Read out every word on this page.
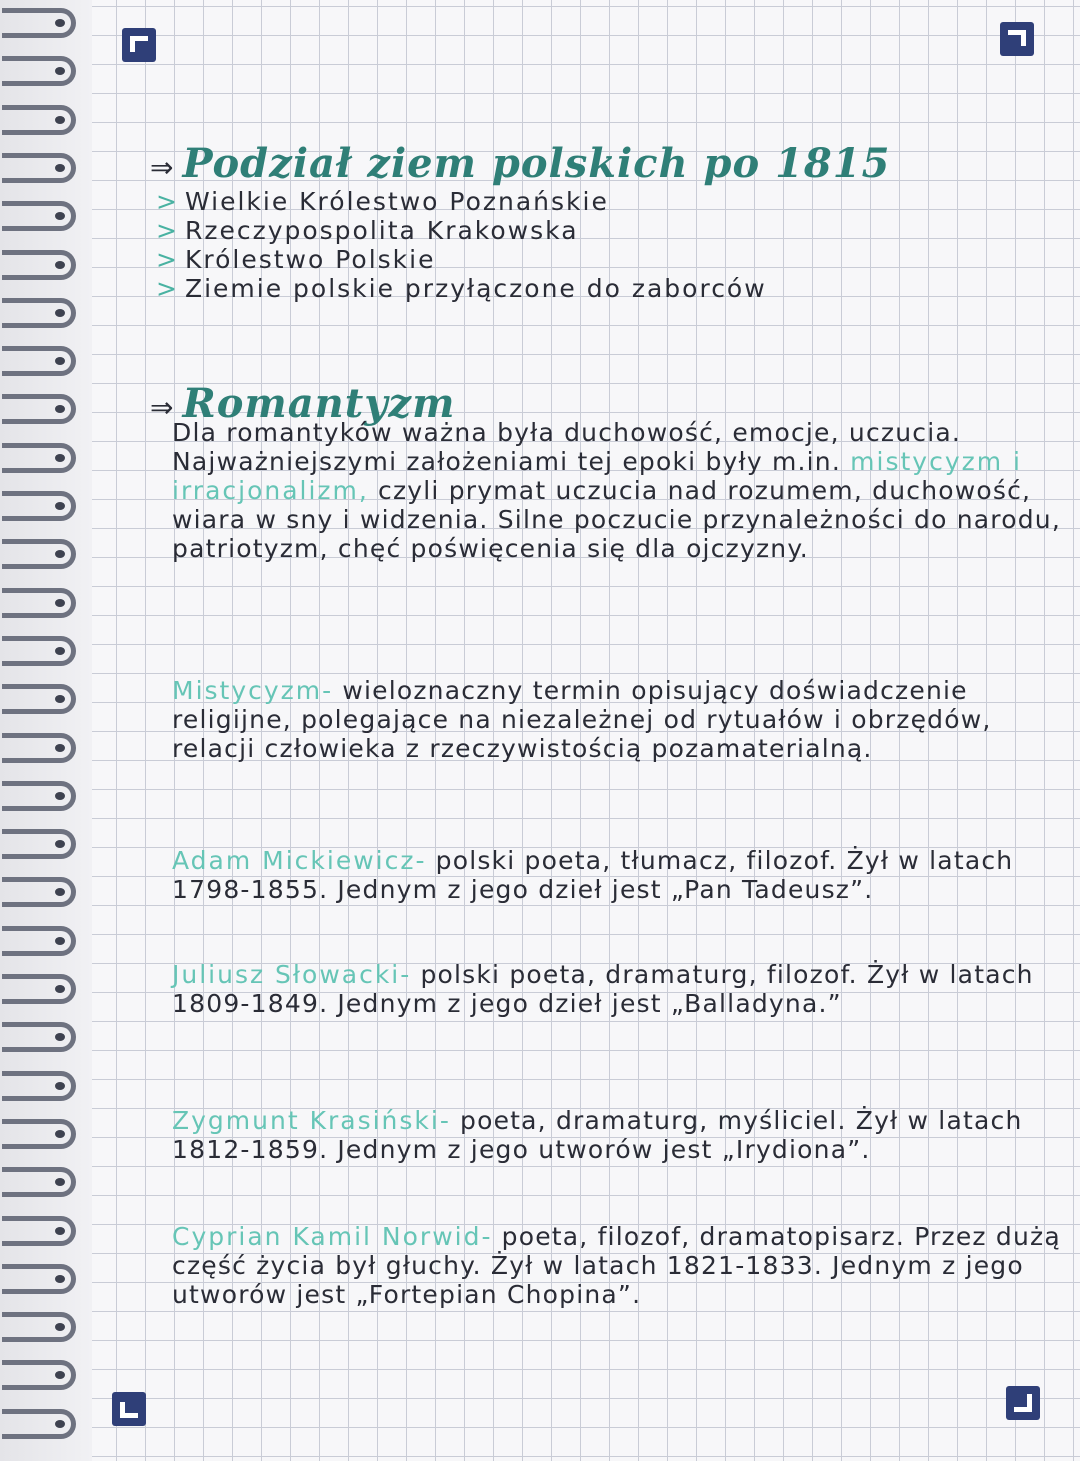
⇒ Podział ziem polskich po 1815
> Wielkie Królestwo Poznańskie
> Rzeczypospolita Krakowska
> Królestwo Polskie
> Ziemie polskie przyłączone do zaborców
⇒ Romantyzm

Dla romantyków ważna była duchowość, emocje, uczucia. Najważniejszymi założeniami tej epoki były m.in. mistycyzm i irracjonalizm, czyli prymat uczucia nad rozumem, duchowość, wiara w sny i widzenia. Silne poczucie przynależności do narodu, patriotyzm, chęć poświęcenia się dla ojczyzny.

Mistycyzm- wieloznaczny termin opisujący doświadczenie religijne, polegające na niezależnej od rytuałów i obrzędów, relacji człowieka z rzeczywistością pozamaterialną.

Adam Mickiewicz- polski poeta, tłumacz, filozof. Żył w latach 1798-1855. Jednym z jego dzieł jest „Pan Tadeusz”.

Juliusz Słowacki- polski poeta, dramaturg, filozof. Żył w latach 1809-1849. Jednym z jego dzieł jest „Balladyna.”

Zygmunt Krasiński- poeta, dramaturg, myśliciel. Żył w latach 1812-1859. Jednym z jego utworów jest „Irydiona”.

Cyprian Kamil Norwid- poeta, filozof, dramatopisarz. Przez dużą część życia był głuchy. Żył w latach 1821-1833. Jednym z jego utworów jest „Fortepian Chopina”.
